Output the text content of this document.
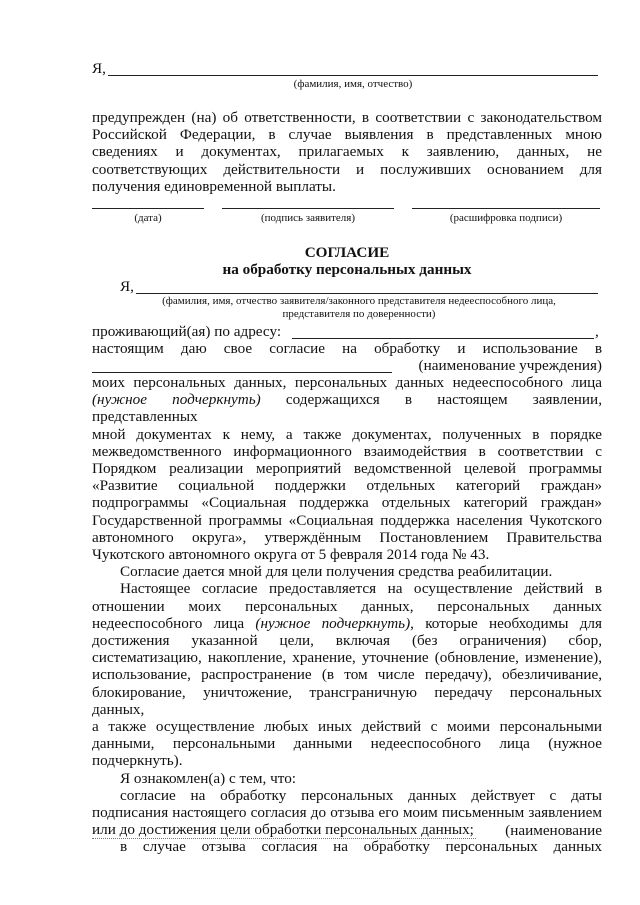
Я,
(фамилия, имя, отчество)
предупрежден (на) об ответственности, в соответствии с законодательством
Российской Федерации, в случае выявления в представленных мною
сведениях и документах, прилагаемых к заявлению, данных, не
соответствующих действительности и послуживших основанием для
получения единовременной выплаты.
(дата)	(подпись заявителя)	(расшифровка подписи)
СОГЛАСИЕ
на обработку персональных данных
Я,
(фамилия, имя, отчество заявителя/законного представителя недееспособного лица,
представителя по доверенности)
проживающий(ая) по адресу:	,
настоящим даю свое согласие на обработку и использование в
(наименование учреждения)
моих персональных данных, персональных данных недееспособного лица
(нужное подчеркнуть) содержащихся в настоящем заявлении, представленных
мной документах к нему, а также документах, полученных в порядке
межведомственного информационного взаимодействия в соответствии с
Порядком реализации мероприятий ведомственной целевой программы
«Развитие социальной поддержки отдельных категорий граждан»
подпрограммы «Социальная поддержка отдельных категорий граждан»
Государственной программы «Социальная поддержка населения Чукотского
автономного округа», утверждённым Постановлением Правительства
Чукотского автономного округа от 5 февраля 2014 года № 43.
Согласие дается мной для цели получения средства реабилитации.
Настоящее согласие предоставляется на осуществление действий в
отношении моих персональных данных, персональных данных
недееспособного лица (нужное подчеркнуть), которые необходимы для
достижения указанной цели, включая (без ограничения) сбор,
систематизацию, накопление, хранение, уточнение (обновление, изменение),
использование, распространение (в том числе передачу), обезличивание,
блокирование, уничтожение, трансграничную передачу персональных данных,
а также осуществление любых иных действий с моими персональными
данными, персональными данными недееспособного лица (нужное
подчеркнуть).
Я ознакомлен(а) с тем, что:
согласие на обработку персональных данных действует с даты
подписания настоящего согласия до отзыва его моим письменным заявлением
или до достижения цели обработки персональных данных;
в случае отзыва согласия на обработку персональных данных
(наименование
